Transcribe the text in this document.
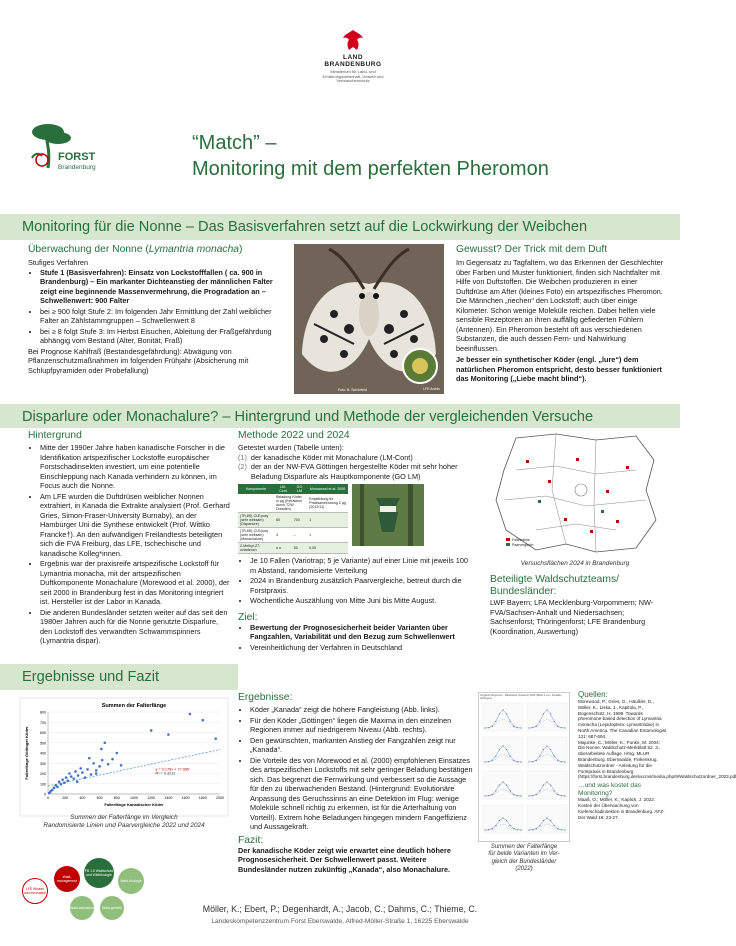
LAND
BRANDENBURG
Ministerium für Land- und Ernährungswirtschaft, Umwelt und Verbraucherschutz
FORST
Brandenburg
“Match” –
Monitoring mit dem perfekten Pheromon
Monitoring für die Nonne – Das Basisverfahren setzt auf die Lockwirkung der Weibchen
Überwachung der Nonne (Lymantria monacha)
Stufiges Verfahren
• Stufe 1 (Basisverfahren): Einsatz von Lockstofffallen ( ca. 900 in Brandenburg) – Ein markanter Dichteanstieg der männlichen Falter zeigt eine beginnende Massenvermehrung, die Progradation an – Schwellenwert: 900 Falter
• bei ≥ 900 folgt Stufe 2: Im folgenden Jahr Ermittlung der Zahl weiblicher Falter an Zählstammgruppen – Schwellenwert 8
• bei ≥ 8 folgt Stufe 3: Im Herbst Eisuchen, Ableitung der Fraßgefährdung abhängig vom Bestand (Alter, Bonität, Fraß)
Bei Prognose Kahlfraß (Bestandesgefährdung): Abwägung von Pflanzenschutzmaßnahmen im folgenden Frühjahr (Absicherung mit Schlupfpyramiden oder Probefallung)
LFE Archiv
Foto: B. Schönfeld
Gewusst? Der Trick mit dem Duft
Im Gegensatz zu Tagfaltern, wo das Erkennen der Geschlechter über Farben und Muster funktioniert, finden sich Nachtfalter mit Hilfe von Duftstoffen. Die Weibchen produzieren in einer Duftdrüse am After (kleines Foto) ein artspezifisches Pheromon. Die Männchen „riechen“ den Lockstoff; auch über einige Kilometer. Schon wenige Moleküle reichen. Dabei helfen viele sensible Rezeptoren an ihren auffällig gefiederten Fühlern (Antennen). Ein Pheromon besteht oft aus verschiedenen Substanzen, die auch dessen Fern- und Nahwirkung beeinflussen.
Je besser ein synthetischer Köder (engl. „lure“) dem natürlichen Pheromon entspricht, desto besser funktioniert das Monitoring („Liebe macht blind“).
Disparlure oder Monachalure? – Hintergrund und Methode der vergleichenden Versuche
Hintergrund
• Mitte der 1990er Jahre haben kanadische Forscher in die Identifikation artspezifischer Lockstoffe europäischer Forstschadinsekten investiert, um eine potentielle Einschleppung nach Kanada verhindern zu können, im Focus auch die Nonne.
• Am LFE wurden die Duftdrüsen weiblicher Nonnen extrahiert, in Kanada die Extrakte analysiert (Prof. Gerhard Gries, Simon-Fraser-University Burnaby), an der Hamburger Uni die Synthese entwickelt (Prof. Wittko Francke†). An den aufwändigen Freilandtests beteiligten sich die FVA Freiburg, das LFE, tschechische und kanadische Kolleg*innen.
• Ergebnis war der praxisreife artspezifische Lockstoff für Lymantria monacha, mit der artspezifischen Duftkomponente Monachalure (Morewood et al. 2000), der seit 2000 in Brandenburg fest in das Monitoring integriert ist. Hersteller ist der Labor in Kanada.
• Die anderen Bundesländer setzten weiter auf das seit den 1980er Jahren auch für die Nonne genutzte Disparlure, den Lockstoff des verwandten Schwammspinners (Lymantria dispar).
Methode 2022 und 2024
Getestet wurden (Tabelle unten):
(1) der kanadische Köder mit Monachalure (LM-Cont)
(2) der an der NW-FVA Göttingen hergestellte Köder mit sehr hoher Beladung Disparlure als Hauptkomponente (GO LM)
Komponente	LM-Cont	GO LM	Monowood et al. 2000
	Beladung Köder in µg (Extraktion durch TZW Dresden)		Empfehlung für Praxisanwendung 2 µg (2012/11)
(7R,8S)-Cl-Epoxy (sehr wirksam) (Disparlure)	60	700	1
(7R,8S)-Cl-Epoxy (sehr wirksam) (Monachalure)	4	–	1
2-Methyl-Z7-octadecen	n.n.	50	0,05
• Je 10 Fallen (Variotrap; 5 je Variante) auf einer Linie mit jeweils 100 m Abstand, randomisierte Verteilung
• 2024 in Brandenburg zusätzlich Paarvergleiche, betreut durch die Forstpraxis.
• Wöchentliche Auszählung von Mitte Juni bis Mitte August.
Ziel:
• Bewertung der Prognosesicherheit beider Varianten über Fangzahlen, Variabilität und den Bezug zum Schwellenwert
• Vereinheitlichung der Verfahren in Deutschland
Falleenlinie
Paarvergleich
Versuchsflächen 2024 in Brandenburg
Beteiligte Waldschutzteams/ Bundesländer:
LWF Bayern; LFA Mecklenburg-Vorpommern; NW-FVA/Sachsen-Anhalt und Niedersachsen; Sachsenforst; Thüringenforst; LFE Brandenburg (Koordination, Auswertung)
Ergebnisse und Fazit
Summen der Falterfänge
0
100
200
300
400
500
600
700
800
0	200	400	600	800	1000	1200	1400	1600	1800	2000
Falterfänge Kanadischer Köder
Falterfänge Göttinger Köder	y = 0,178x + 77,985
R² = 0,3211
Summen der Falterfänge im Vergleich
Randomisierte Linien und Paarvergleiche 2022 und 2024
Ergebnisse:
• Köder „Kanada“ zeigt die höhere Fangleistung (Abb. links).
• Für den Köder „Göttingen“ liegen die Maxima in den einzelnen Regionen immer auf niedrigerem Niveau (Abb. rechts).
• Den gewünschten, markanten Anstieg der Fangzahlen zeigt nur „Kanada“.
• Die Vorteile des von Morewood et al. (2000) empfohlenen Einsatzes des artspezifischen Lockstoffs mit sehr geringer Beladung bestätigen sich. Das begrenzt die Fernwirkung und verbessert so die Aussage für den zu überwachenden Bestand. (Hintergrund: Evolutionäre Anpassung des Geruchssinns an eine Detektion im Flug: wenige Moleküle schnell richtig zu erkennen, ist für die Arterhaltung von Vorteil!). Extrem hohe Beladungen hingegen mindern Fangeffizienz und Aussagekraft.
Fazit:
Der kanadische Köder zeigt wie erwartet eine deutlich höhere Prognosesicherheit. Der Schwellenwert passt. Weitere Bundesländer nutzen zukünftig „Kanada“, also Monachalure.
Vergleich Regionen - Mittelwerte (Gesamt) 2022 (Mittel 2 Lst - Kanada-Göttingen)
Summen der Falterfänge
für beide Varianten im Ver-
gleich der Bundesländer
(2022)
Quellen:
Morewood, P., Gries, G., Häußler, D., Möller, K., Liska, J., Kapitola, P., Bogenschütz, H. 1999. Towards pheromone-based detection of Lymantria monacha (Lepidoptera: Lymantriidae) in North America. The Canadian Entomologist 131: 687-694.
Majunke, C.; Möller, K.; Funke, M. 2004: Die Nonne. Waldschutz-Merkblatt 52. 3., überarbeitete Auflage. Hrsg. MLUR Brandenburg. Eberswalde, Finkenkrug.
Waldschutzordner - Anleitung für die Forstpraxis in Brandenburg (https://forst.brandenburg.de/sixcms/media.php/9/Waldschutzordner_2023.pdf
…und was kostet das Monitoring?
Maaß, O.; Möller, K.; Kaplick, J. 2022: Kosten der Überwachung von Kieferschadinsekten in Brandenburg. AFZ-Der Wald 16: 23-27.
LFE Wissen und Innovation
Wald-management
FB 1.5 Waldschutz und Wildökologie
Wald-ökologie
Wald-wachstum	Wald-genetik	Möller, K.; Ebert, P.; Degenhardt, A.; Jacob, C.; Dahms, C.; Thieme, C.
Landeskompetenzzentrum Forst Eberswalde, Alfred-Möller-Straße 1, 16225 Eberswalde
